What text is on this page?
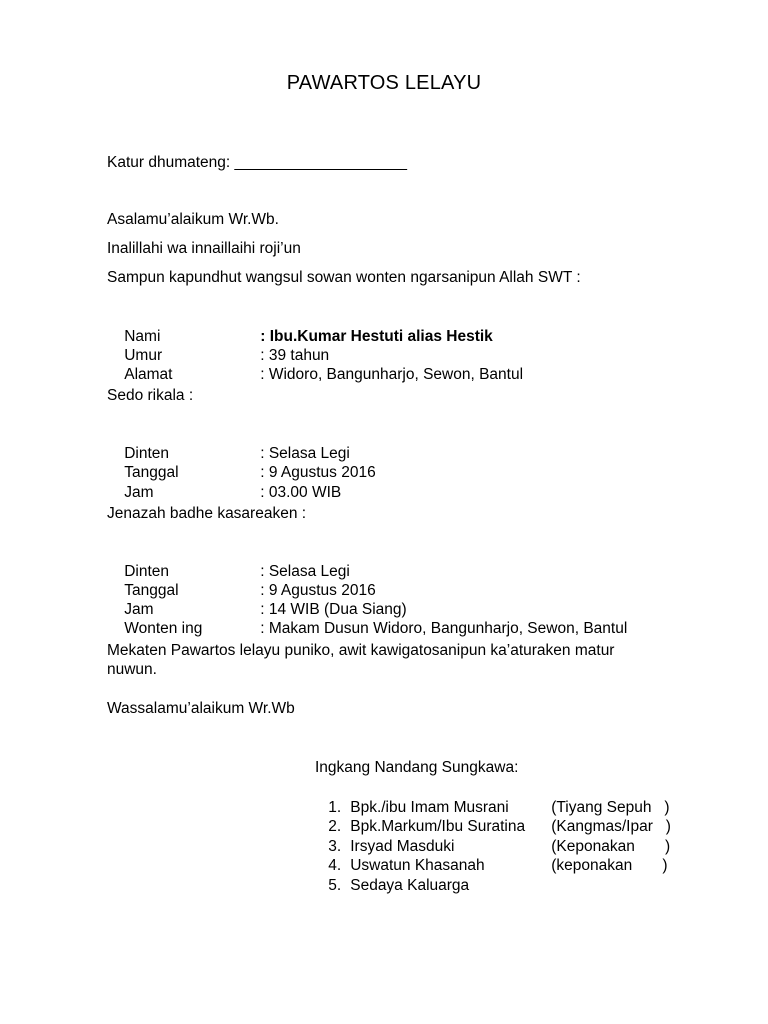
PAWARTOS LELAYU
Katur dhumateng: ____________________
Asalamu’alaikum Wr.Wb.
Inalillahi wa innaillaihi roji’un
Sampun kapundhut wangsul sowan wonten ngarsanipun Allah SWT :

Nami	: Ibu.Kumar Hestuti alias Hestik

Umur	: 39 tahun

Alamat	: Widoro, Bangunharjo, Sewon, Bantul

Sedo rikala :

Dinten	: Selasa Legi

Tanggal	: 9 Agustus 2016

Jam	: 03.00 WIB

Jenazah badhe kasareaken :

Dinten	: Selasa Legi

Tanggal	: 9 Agustus 2016

Jam	: 14 WIB (Dua Siang)

Wonten ing	: Makam Dusun Widoro, Bangunharjo, Sewon, Bantul

Mekaten Pawartos lelayu puniko, awit kawigatosanipun ka’aturaken matur
nuwun.
Wassalamu’alaikum Wr.Wb
Ingkang Nandang Sungkawa:

1. Bpk./ibu Imam Musrani	(Tiyang Sepuh   )

2. Bpk.Markum/Ibu Suratina (Kangmas/Ipar   )

3. Irsyad Masduki	(Keponakan       )

4. Uswatun Khasanah	(keponakan       )

5. Sedaya Kaluarga
